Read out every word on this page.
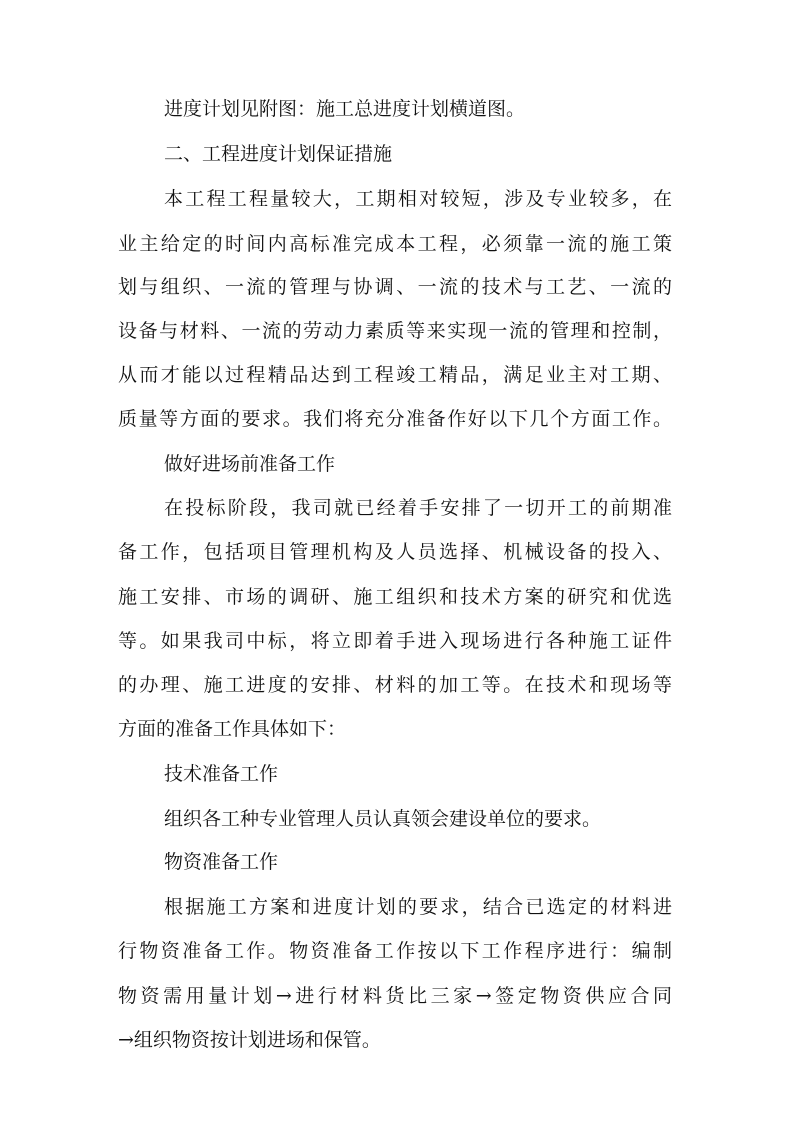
进度计划见附图：施工总进度计划横道图。
二、工程进度计划保证措施
本工程工程量较大，工期相对较短，涉及专业较多，在
业主给定的时间内高标准完成本工程，必须靠一流的施工策
划与组织、一流的管理与协调、一流的技术与工艺、一流的
设备与材料、一流的劳动力素质等来实现一流的管理和控制，
从而才能以过程精品达到工程竣工精品，满足业主对工期、
质量等方面的要求。我们将充分准备作好以下几个方面工作。
做好进场前准备工作
在投标阶段，我司就已经着手安排了一切开工的前期准
备工作，包括项目管理机构及人员选择、机械设备的投入、
施工安排、市场的调研、施工组织和技术方案的研究和优选
等。如果我司中标，将立即着手进入现场进行各种施工证件
的办理、施工进度的安排、材料的加工等。在技术和现场等
方面的准备工作具体如下：
技术准备工作
组织各工种专业管理人员认真领会建设单位的要求。
物资准备工作
根据施工方案和进度计划的要求，结合已选定的材料进
行物资准备工作。物资准备工作按以下工作程序进行：编制
物资需用量计划→进行材料货比三家→签定物资供应合同
→组织物资按计划进场和保管。
